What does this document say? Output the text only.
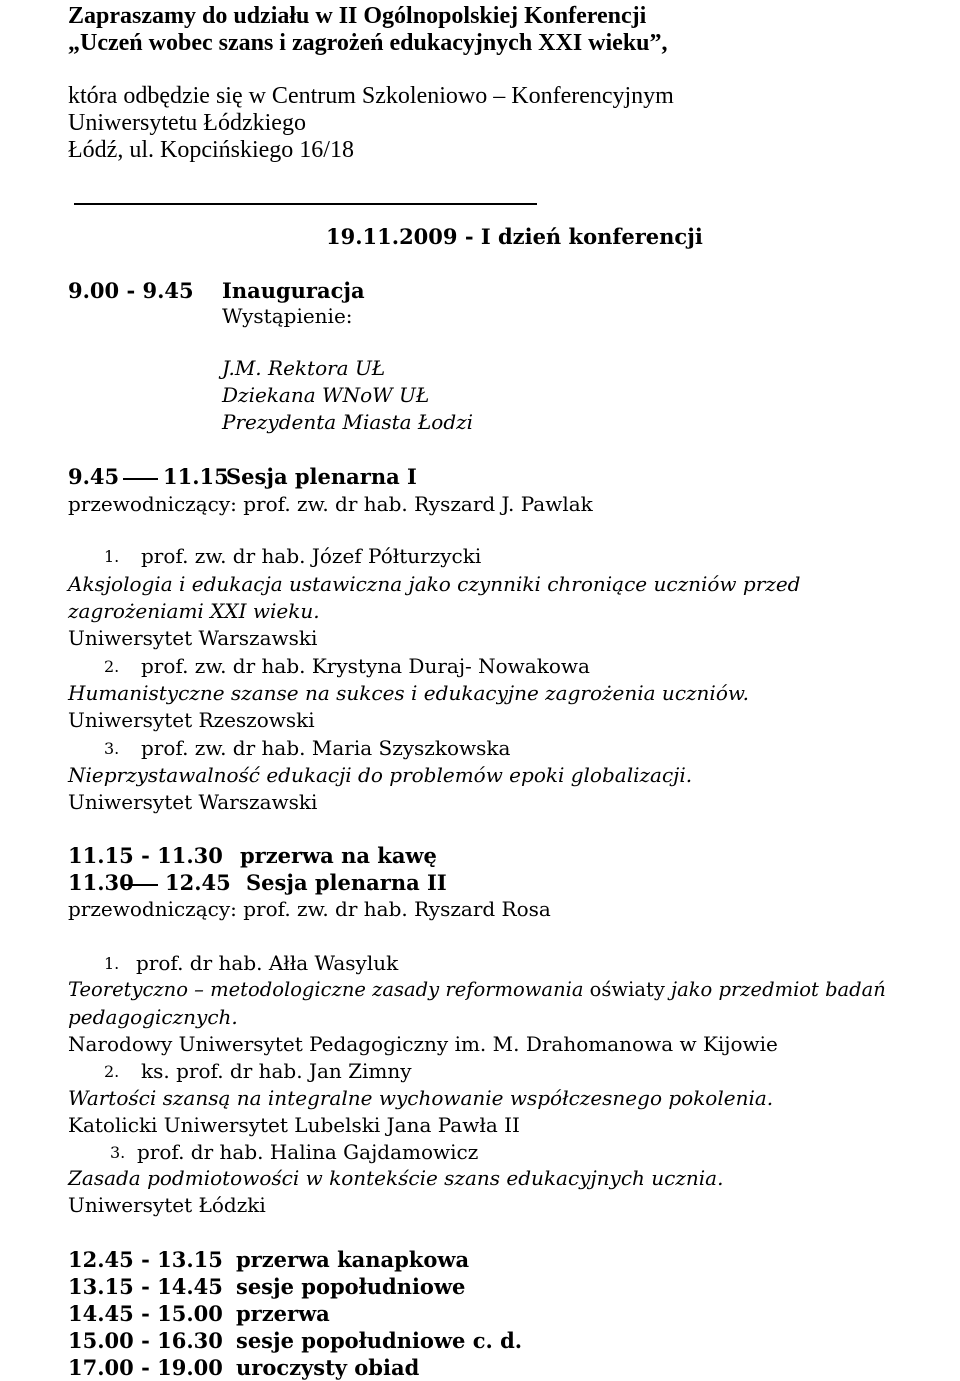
Zapraszamy do udziału w II Ogólnopolskiej Konferencji
„Uczeń wobec szans i zagrożeń edukacyjnych XXI wieku”,
która odbędzie się w Centrum Szkoleniowo – Konferencyjnym
Uniwersytetu Łódzkiego
Łódź, ul. Kopcińskiego 16/18
19.11.2009 - I dzień konferencji
9.00 - 9.45 Inauguracja
Wystąpienie:
J.M. Rektora UŁ
Dziekana WNoW UŁ
Prezydenta Miasta Łodzi
9.45 11.15
Sesja plenarna I
przewodniczący: prof. zw. dr hab. Ryszard J. Pawlak
1. prof. zw. dr hab. Józef Półturzycki
Aksjologia i edukacja ustawiczna jako czynniki chroniące uczniów przed
zagrożeniami XXI wieku.
Uniwersytet Warszawski
2. prof. zw. dr hab. Krystyna Duraj- Nowakowa
Humanistyczne szanse na sukces i edukacyjne zagrożenia uczniów.
Uniwersytet Rzeszowski
3. prof. zw. dr hab. Maria Szyszkowska
Nieprzystawalność edukacji do problemów epoki globalizacji.
Uniwersytet Warszawski
11.15 - 11.30 przerwa na kawę
11.30 12.45 Sesja plenarna II
przewodniczący: prof. zw. dr hab. Ryszard Rosa
1. prof. dr hab. Ałła Wasyluk
Teoretyczno – metodologiczne zasady reformowania oświaty jako przedmiot badań
pedagogicznych.
Narodowy Uniwersytet Pedagogiczny im. M. Drahomanowa w Kijowie
2. ks. prof. dr hab. Jan Zimny
Wartości szansą na integralne wychowanie współczesnego pokolenia.
Katolicki Uniwersytet Lubelski Jana Pawła II
3. prof. dr hab. Halina Gajdamowicz
Zasada podmiotowości w kontekście szans edukacyjnych ucznia.
Uniwersytet Łódzki
12.45 - 13.15 przerwa kanapkowa
13.15 - 14.45 sesje popołudniowe
14.45 - 15.00 przerwa
15.00 - 16.30 sesje popołudniowe c. d.
17.00 - 19.00 uroczysty obiad
